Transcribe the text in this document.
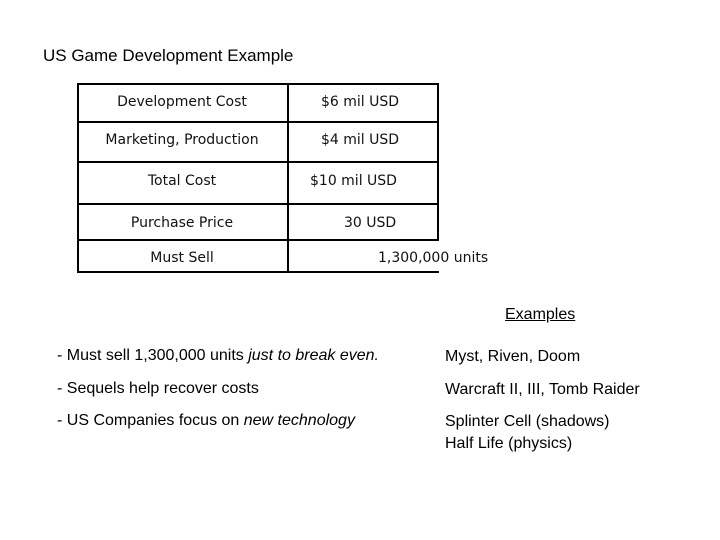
US Game Development Example
Development Cost
Marketing, Production
Total Cost
Purchase Price
Must Sell
$6 mil USD
$4 mil USD
$10 mil USD
30 USD
1,300,000 units
Examples
- Must sell 1,300,000 units just to break even.
- Sequels help recover costs
- US Companies focus on new technology
Myst, Riven, Doom
Warcraft II, III, Tomb Raider
Splinter Cell (shadows)
Half Life (physics)
